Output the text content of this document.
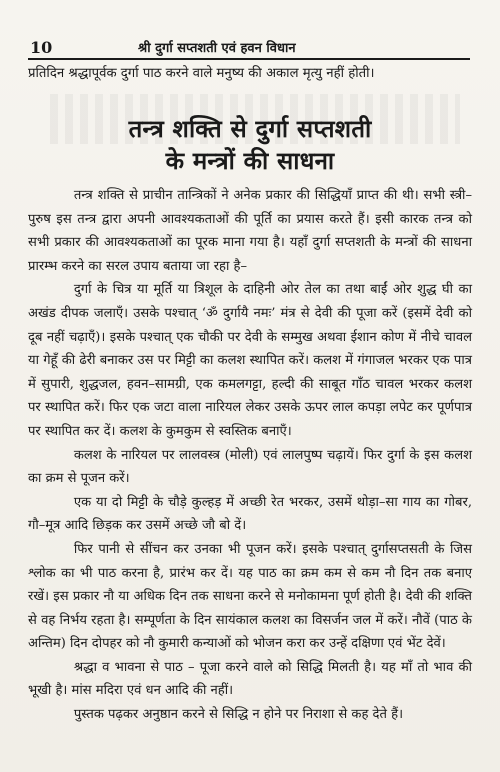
10	श्री दुर्गा सप्तशती एवं हवन विधान
प्रतिदिन श्रद्धापूर्वक दुर्गा पाठ करने वाले मनुष्य की अकाल मृत्यु नहीं होती।
तन्त्र शक्ति से दुर्गा सप्तशती
के मन्त्रों की साधना

तन्त्र शक्ति से प्राचीन तान्त्रिकों ने अनेक प्रकार की सिद्धियाँ प्राप्त की थी। सभी स्त्री–पुरुष इस तन्त्र द्वारा अपनी आवश्यकताओं की पूर्ति का प्रयास करते हैं। इसी कारक तन्त्र को सभी प्रकार की आवश्यकताओं का पूरक माना गया है। यहाँ दुर्गा सप्तशती के मन्त्रों की साधना प्रारम्भ करने का सरल उपाय बताया जा रहा है–

दुर्गा के चित्र या मूर्ति या त्रिशूल के दाहिनी ओर तेल का तथा बाईं ओर शुद्ध घी का अखंड दीपक जलाएँ। उसके पश्चात् ‘ॐ दुर्गायै नमः’ मंत्र से देवी की पूजा करें (इसमें देवी को दूब नहीं चढ़ाएँ)। इसके पश्चात् एक चौकी पर देवी के सम्मुख अथवा ईशान कोण में नीचे चावल या गेहूँ की ढेरी बनाकर उस पर मिट्टी का कलश स्थापित करें। कलश में गंगाजल भरकर एक पात्र में सुपारी, शुद्धजल, हवन–सामग्री, एक कमलगट्टा, हल्दी की साबूत गाँठ चावल भरकर कलश पर स्थापित करें। फिर एक जटा वाला नारियल लेकर उसके ऊपर लाल कपड़ा लपेट कर पूर्णपात्र पर स्थापित कर दें। कलश के कुमकुम से स्वस्तिक बनाएँ।

कलश के नारियल पर लालवस्त्र (मोली) एवं लालपुष्प चढ़ायें। फिर दुर्गा के इस कलश का क्रम से पूजन करें।

एक या दो मिट्टी के चौड़े कुल्हड़ में अच्छी रेत भरकर, उसमें थोड़ा–सा गाय का गोबर, गौ–मूत्र आदि छिड़क कर उसमें अच्छे जौ बो दें।

फिर पानी से सींचन कर उनका भी पूजन करें। इसके पश्चात् दुर्गासप्तसती के जिस श्लोक का भी पाठ करना है, प्रारंभ कर दें। यह पाठ का क्रम कम से कम नौ दिन तक बनाए रखें। इस प्रकार नौ या अधिक दिन तक साधना करने से मनोकामना पूर्ण होती है। देवी की शक्ति से वह निर्भय रहता है। सम्पूर्णता के दिन सायंकाल कलश का विसर्जन जल में करें। नौवें (पाठ के अन्तिम) दिन दोपहर को नौ कुमारी कन्याओं को भोजन करा कर उन्हें दक्षिणा एवं भेंट देवें।

श्रद्धा व भावना से पाठ – पूजा करने वाले को सिद्धि मिलती है। यह माँ तो भाव की भूखी है। मांस मदिरा एवं धन आदि की नहीं।

पुस्तक पढ़कर अनुष्ठान करने से सिद्धि न होने पर निराशा से कह देते हैं।
